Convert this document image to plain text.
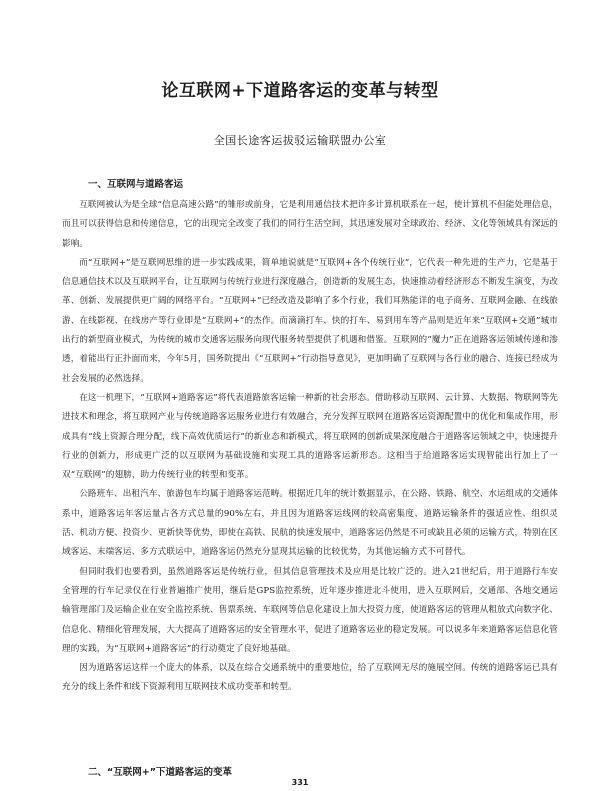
论互联网+下道路客运的变革与转型
全国长途客运拔驳运输联盟办公室
一、互联网与道路客运

互联网被认为是全球“信息高速公路”的雏形或前身，它是利用通信技术把许多计算机联系在一起，使计算机不但能处理信息，而且可以获得信息和传递信息，它的出现完全改变了我们的同行生活空间，其迅速发展对全球政治、经济、文化等领域具有深远的影响。

而“互联网+”是互联网思维的进一步实践成果，简单地说就是“互联网+各个传统行业”，它代表一种先进的生产力，它是基于信息通信技术以及互联网平台，让互联网与传统行业进行深度融合，创造新的发展生态，快速推动着经济形态不断发生演变，为改革、创新、发展提供更广阔的网络平台。“互联网+”已经改造及影响了多个行业，我们耳熟能详的电子商务、互联网金融、在线旅游、在线影视、在线房产等行业即是“互联网+”的杰作。而滴滴打车、快的打车、易到用车等产品则是近年来“互联网+交通”城市出行的新型商业模式，为传统的城市交通客运服务向现代服务转型提供了机遇和借鉴。互联网的“魔力”正在道路客运领域传递和渗透，着能出行正扑面而来，今年5月，国务院提出《“互联网+”行动指导意见》，更加明确了互联网与各行业的融合、连接已经成为社会发展的必然选择。

在这一机理下，“互联网+道路客运”将代表道路旅客运输一种新的社会形态。借助移动互联网、云计算、大数据、物联网等先进技术和理念，将互联网产业与传统道路客运服务业进行有效融合，充分发挥互联网在道路客运资源配置中的优化和集成作用，形成具有“线上资源合理分配，线下高效优质运行”的新业态和新模式，将互联网的创新成果深度融合于道路客运领域之中，快速提升行业的创新力，形成更广泛的以互联网为基础设施和实现工具的道路客运新形态。这相当于给道路客运实现智能出行加上了一双“互联网”的翅膀，助力传统行业的转型和变革。

公路班车、出租汽车、旅游包车均属于道路客运范畴。根据近几年的统计数据显示，在公路、铁路、航空、水运组成的交通体系中，道路客运年客运量占各方式总量的90%左右，并且因为道路客运线网的较高密集度、道路运输条件的强适应性、组织灵活、机动方便、投资少、更新快等优势，即使在高铁、民航的快速发展中，道路客运仍然是不可或缺且必须的运输方式，特别在区域客运、末端客运、多方式联运中，道路客运仍然充分显现其运输的比较优势，为其他运输方式不可替代。

但同时我们也要看到，虽然道路客运是传统行业，但其信息管理技术及应用是比较广泛的。进入21世纪后，用于道路行车安全管理的行车记录仪在行业普遍推广使用，继后是GPS监控系统，近年逐步推进北斗使用，进入互联网后，交通部、各地交通运输管理部门及运输企业在安全监控系统、售票系统、车联网等信息化建设上加大投资力度，使道路客运的管理从粗放式向数字化、信息化、精细化管理发展，大大提高了道路客运的安全管理水平，促进了道路客运业的稳定发展。可以说多年来道路客运信息化管理的实践，为“互联网+道路客运”的行动奠定了良好地基础。

因为道路客运这样一个庞大的体系，以及在综合交通系统中的重要地位，给了互联网无尽的施展空间。传统的道路客运已具有充分的线上条件和线下资源利用互联网技术成功变革和转型。

二、“互联网+”下道路客运的变革
331
